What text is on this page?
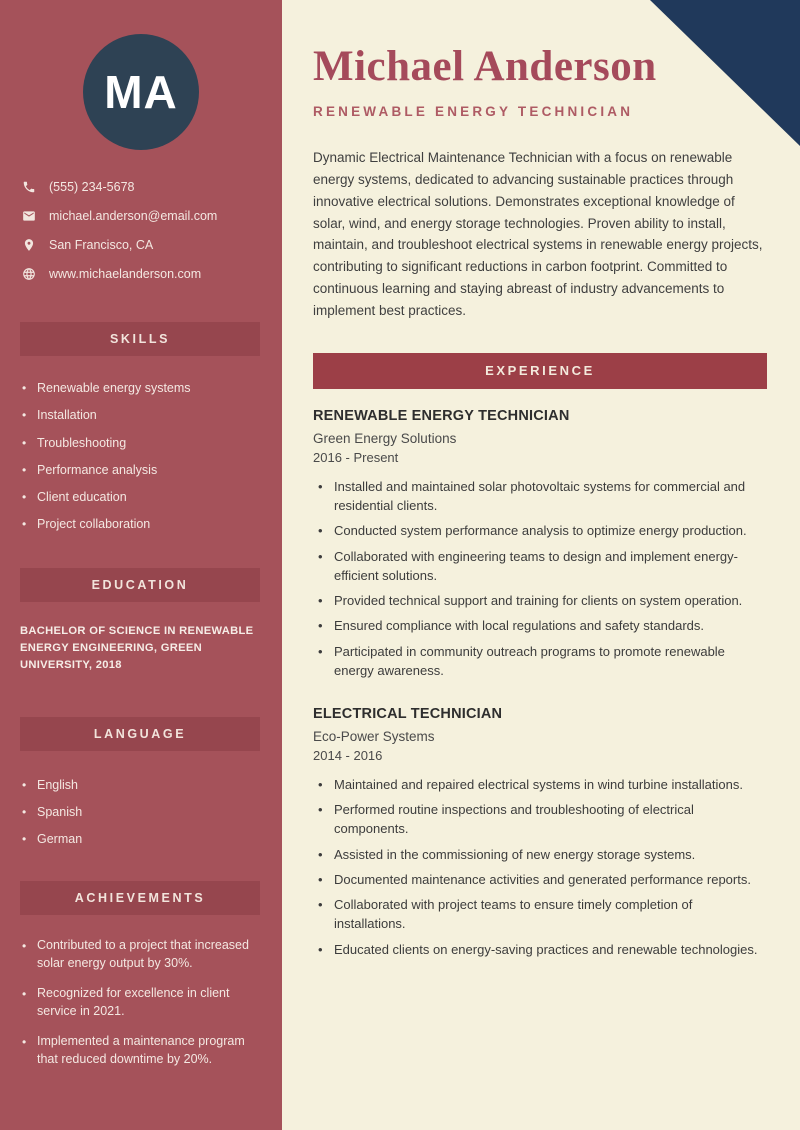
MA
(555) 234-5678
michael.anderson@email.com
San Francisco, CA
www.michaelanderson.com
SKILLS
• Renewable energy systems
• Installation
• Troubleshooting
• Performance analysis
• Client education
• Project collaboration
EDUCATION

BACHELOR OF SCIENCE IN RENEWABLE ENERGY ENGINEERING, GREEN UNIVERSITY, 2018

LANGUAGE
• English
• Spanish
• German
ACHIEVEMENTS
• Contributed to a project that increased solar energy output by 30%.
• Recognized for excellence in client service in 2021.
• Implemented a maintenance program that reduced downtime by 20%.
Michael Anderson
RENEWABLE ENERGY TECHNICIAN

Dynamic Electrical Maintenance Technician with a focus on renewable energy systems, dedicated to advancing sustainable practices through innovative electrical solutions. Demonstrates exceptional knowledge of solar, wind, and energy storage technologies. Proven ability to install, maintain, and troubleshoot electrical systems in renewable energy projects, contributing to significant reductions in carbon footprint. Committed to continuous learning and staying abreast of industry advancements to implement best practices.

EXPERIENCE
RENEWABLE ENERGY TECHNICIAN
Green Energy Solutions
2016 - Present
• Installed and maintained solar photovoltaic systems for commercial and residential clients.
• Conducted system performance analysis to optimize energy production.
• Collaborated with engineering teams to design and implement energy-efficient solutions.
• Provided technical support and training for clients on system operation.
• Ensured compliance with local regulations and safety standards.
• Participated in community outreach programs to promote renewable energy awareness.
ELECTRICAL TECHNICIAN
Eco-Power Systems
2014 - 2016
• Maintained and repaired electrical systems in wind turbine installations.
• Performed routine inspections and troubleshooting of electrical components.
• Assisted in the commissioning of new energy storage systems.
• Documented maintenance activities and generated performance reports.
• Collaborated with project teams to ensure timely completion of installations.
• Educated clients on energy-saving practices and renewable technologies.
